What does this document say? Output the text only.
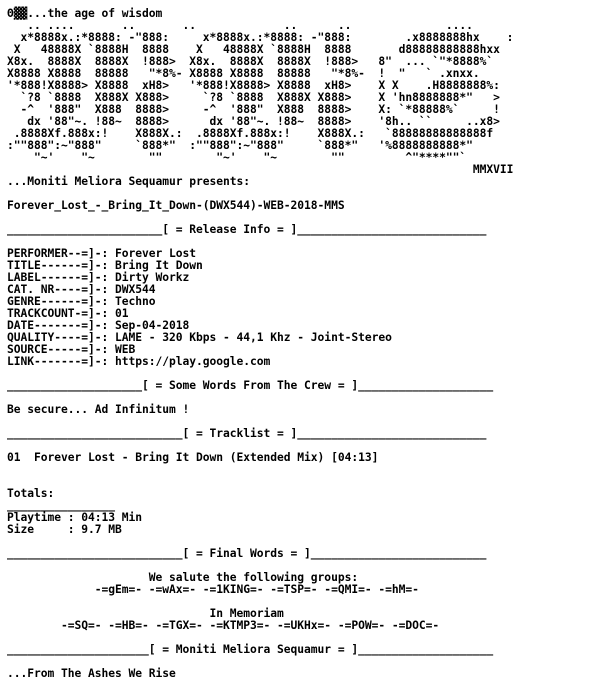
Θ▓▓...the age of wisdom
.. ....       ..       ..             ..      ..              ....
x*8888x.:*8888: -"888:     x*8888x.:*8888: -"888:        .x8888888hx    :
X   48888X `8888H  8888    X   48888X `8888H  8888       d88888888888hxx
X8x.  8888X  8888X  !888>  X8x.  8888X  8888X  !888>   8"  ... `"*8888%`
X8888 X8888  88888   "*8%- X8888 X8888  88888   "*8%-  !  "   ` .xnxx.
'*888!X8888> X8888  xH8>   '*888!X8888> X8888  xH8>    X X    .H8888888%:
`?8 `8888  X888X X888>     `?8 `8888  X888X X888>    X 'hn8888888*"   >
-^  '888"  X888  8888>     -^  '888"  X888  8888>    X: `*88888%`     !
dx '88"~. !88~  8888>      dx '88"~. !88~  8888>    '8h.. ``     ..x8>
.8888Xf.888x:!    X888X.:  .8888Xf.888x:!    X888X.:   `88888888888888f
:""888":~"888"     `888*"  :""888":~"888"     `888*"   '%8888888888*"
"~'    "~        ""        "~'    "~        ""         ^"****""`
MMXVII
...Moniti Meliora Sequamur presents:
Forever_Lost_-_Bring_It_Down-(DWX544)-WEB-2018-MMS
_______________________[ = Release Info = ]____________________________
PERFORMER--=]-: Forever Lost
TITLE------=]-: Bring It Down
LABEL------=]-: Dirty Workz
CAT. NR----=]-: DWX544
GENRE------=]-: Techno
TRACKCOUNT-=]-: 01
DATE-------=]-: Sep-04-2018
QUALITY----=]-: LAME - 320 Kbps - 44,1 Khz - Joint-Stereo
SOURCE-----=]-: WEB
LINK-------=]-: https://play.google.com
____________________[ = Some Words From The Crew = ]____________________
Be secure... Ad Infinitum !
__________________________[ = Tracklist = ]____________________________
01  Forever Lost - Bring It Down (Extended Mix) [04:13]
Totals:
________________
Playtime : 04:13 Min
Size     : 9.7 MB
__________________________[ = Final Words = ]__________________________
We salute the following groups:
-=gEm=- -=wAx=- -=1KING=- -=TSP=- -=QMI=- -=hM=-
In Memoriam
-=SQ=- -=HB=- -=TGX=- -=KTMP3=- -=UKHx=- -=POW=- -=DOC=-
_____________________[ = Moniti Meliora Sequamur = ]____________________
...From The Ashes We Rise
